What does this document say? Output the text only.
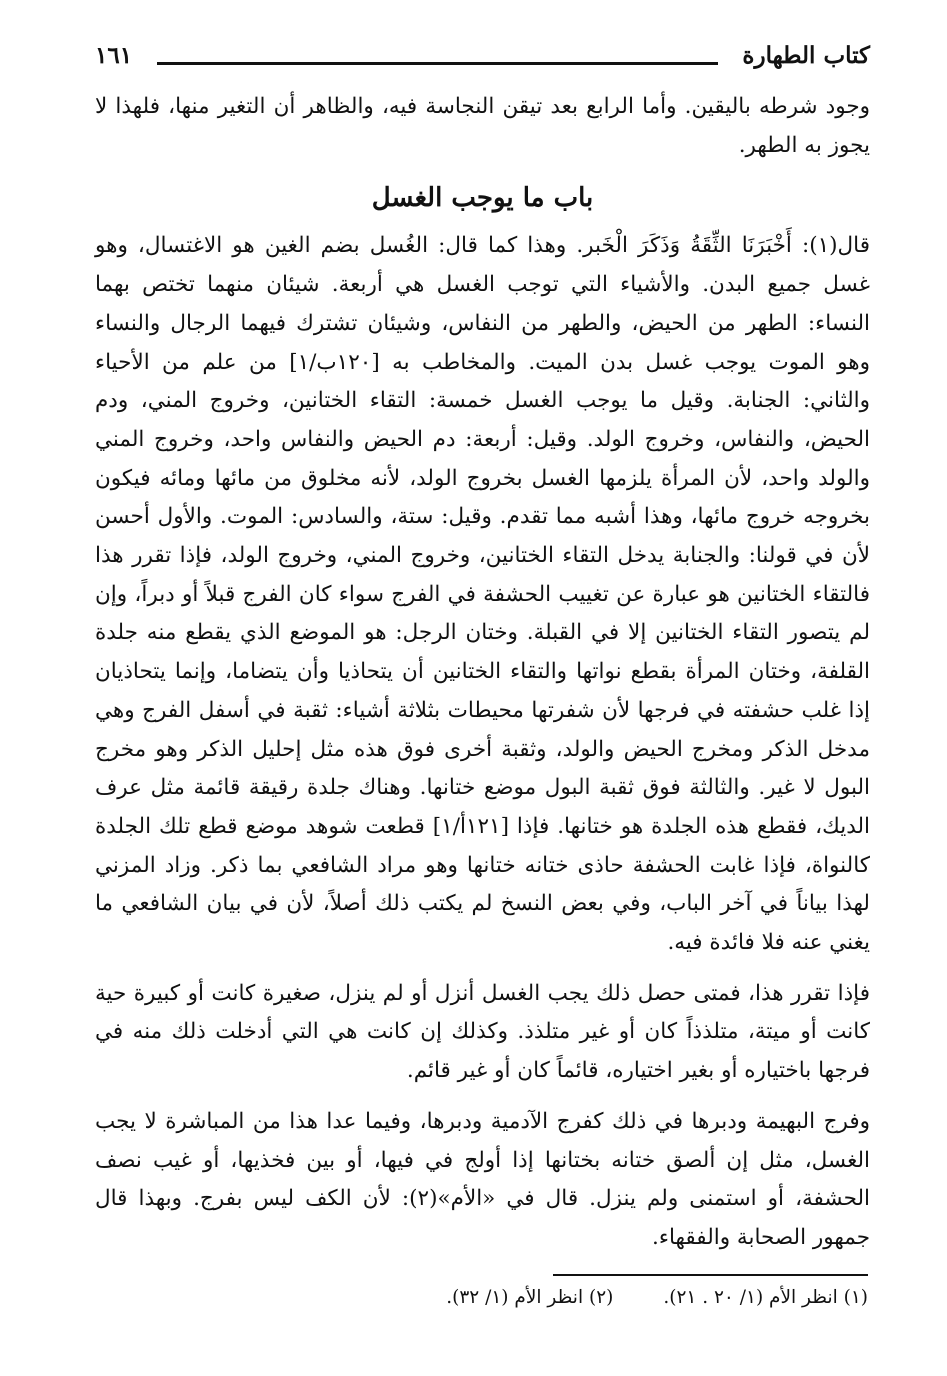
كتاب الطهارة
١٦١

وجود شرطه باليقين. وأما الرابع بعد تيقن النجاسة فيه، والظاهر أن التغير منها، فلهذا لا يجوز به الطهر.

باب ما يوجب الغسل

قال(١): أَخْبَرَنَا الثِّقَةُ وَذَكَرَ الْخَبر. وهذا كما قال: الغُسل بضم الغين هو الاغتسال، وهو غسل جميع البدن. والأشياء التي توجب الغسل هي أربعة. شيئان منهما تختص بهما النساء: الطهر من الحيض، والطهر من النفاس، وشيئان تشترك فيهما الرجال والنساء وهو الموت يوجب غسل بدن الميت. والمخاطب به [١٢٠ب/١] من علم من الأحياء والثاني: الجنابة. وقيل ما يوجب الغسل خمسة: التقاء الختانين، وخروج المني، ودم الحيض، والنفاس، وخروج الولد. وقيل: أربعة: دم الحيض والنفاس واحد، وخروج المني والولد واحد، لأن المرأة يلزمها الغسل بخروج الولد، لأنه مخلوق من مائها ومائه فيكون بخروجه خروج مائها، وهذا أشبه مما تقدم. وقيل: ستة، والسادس: الموت. والأول أحسن لأن في قولنا: والجنابة يدخل التقاء الختانين، وخروج المني، وخروج الولد، فإذا تقرر هذا فالتقاء الختانين هو عبارة عن تغييب الحشفة في الفرج سواء كان الفرج قبلاً أو دبراً، وإن لم يتصور التقاء الختانين إلا في القبلة. وختان الرجل: هو الموضع الذي يقطع منه جلدة القلفة، وختان المرأة بقطع نواتها والتقاء الختانين أن يتحاذيا وأن يتضاما، وإنما يتحاذيان إذا غلب حشفته في فرجها لأن شفرتها محيطات بثلاثة أشياء: ثقبة في أسفل الفرج وهي مدخل الذكر ومخرج الحيض والولد، وثقبة أخرى فوق هذه مثل إحليل الذكر وهو مخرج البول لا غير. والثالثة فوق ثقبة البول موضع ختانها. وهناك جلدة رقيقة قائمة مثل عرف الديك، فقطع هذه الجلدة هو ختانها. فإذا [١٢١أ/١] قطعت شوهد موضع قطع تلك الجلدة كالنواة، فإذا غابت الحشفة حاذى ختانه ختانها وهو مراد الشافعي بما ذكر. وزاد المزني لهذا بياناً في آخر الباب، وفي بعض النسخ لم يكتب ذلك أصلاً، لأن في بيان الشافعي ما يغني عنه فلا فائدة فيه.

فإذا تقرر هذا، فمتى حصل ذلك يجب الغسل أنزل أو لم ينزل، صغيرة كانت أو كبيرة حية كانت أو ميتة، متلذذاً كان أو غير متلذذ. وكذلك إن كانت هي التي أدخلت ذلك منه في فرجها باختياره أو بغير اختياره، قائماً كان أو غير قائم.

وفرج البهيمة ودبرها في ذلك كفرج الآدمية ودبرها، وفيما عدا هذا من المباشرة لا يجب الغسل، مثل إن ألصق ختانه بختانها إذا أولج في فيها، أو بين فخذيها، أو غيب نصف الحشفة، أو استمنى ولم ينزل. قال في «الأم»(٢): لأن الكف ليس بفرج. وبهذا قال جمهور الصحابة والفقهاء.

(١) انظر الأم (١/ ٢٠ . ٢١).
(٢) انظر الأم (١/ ٣٢).
